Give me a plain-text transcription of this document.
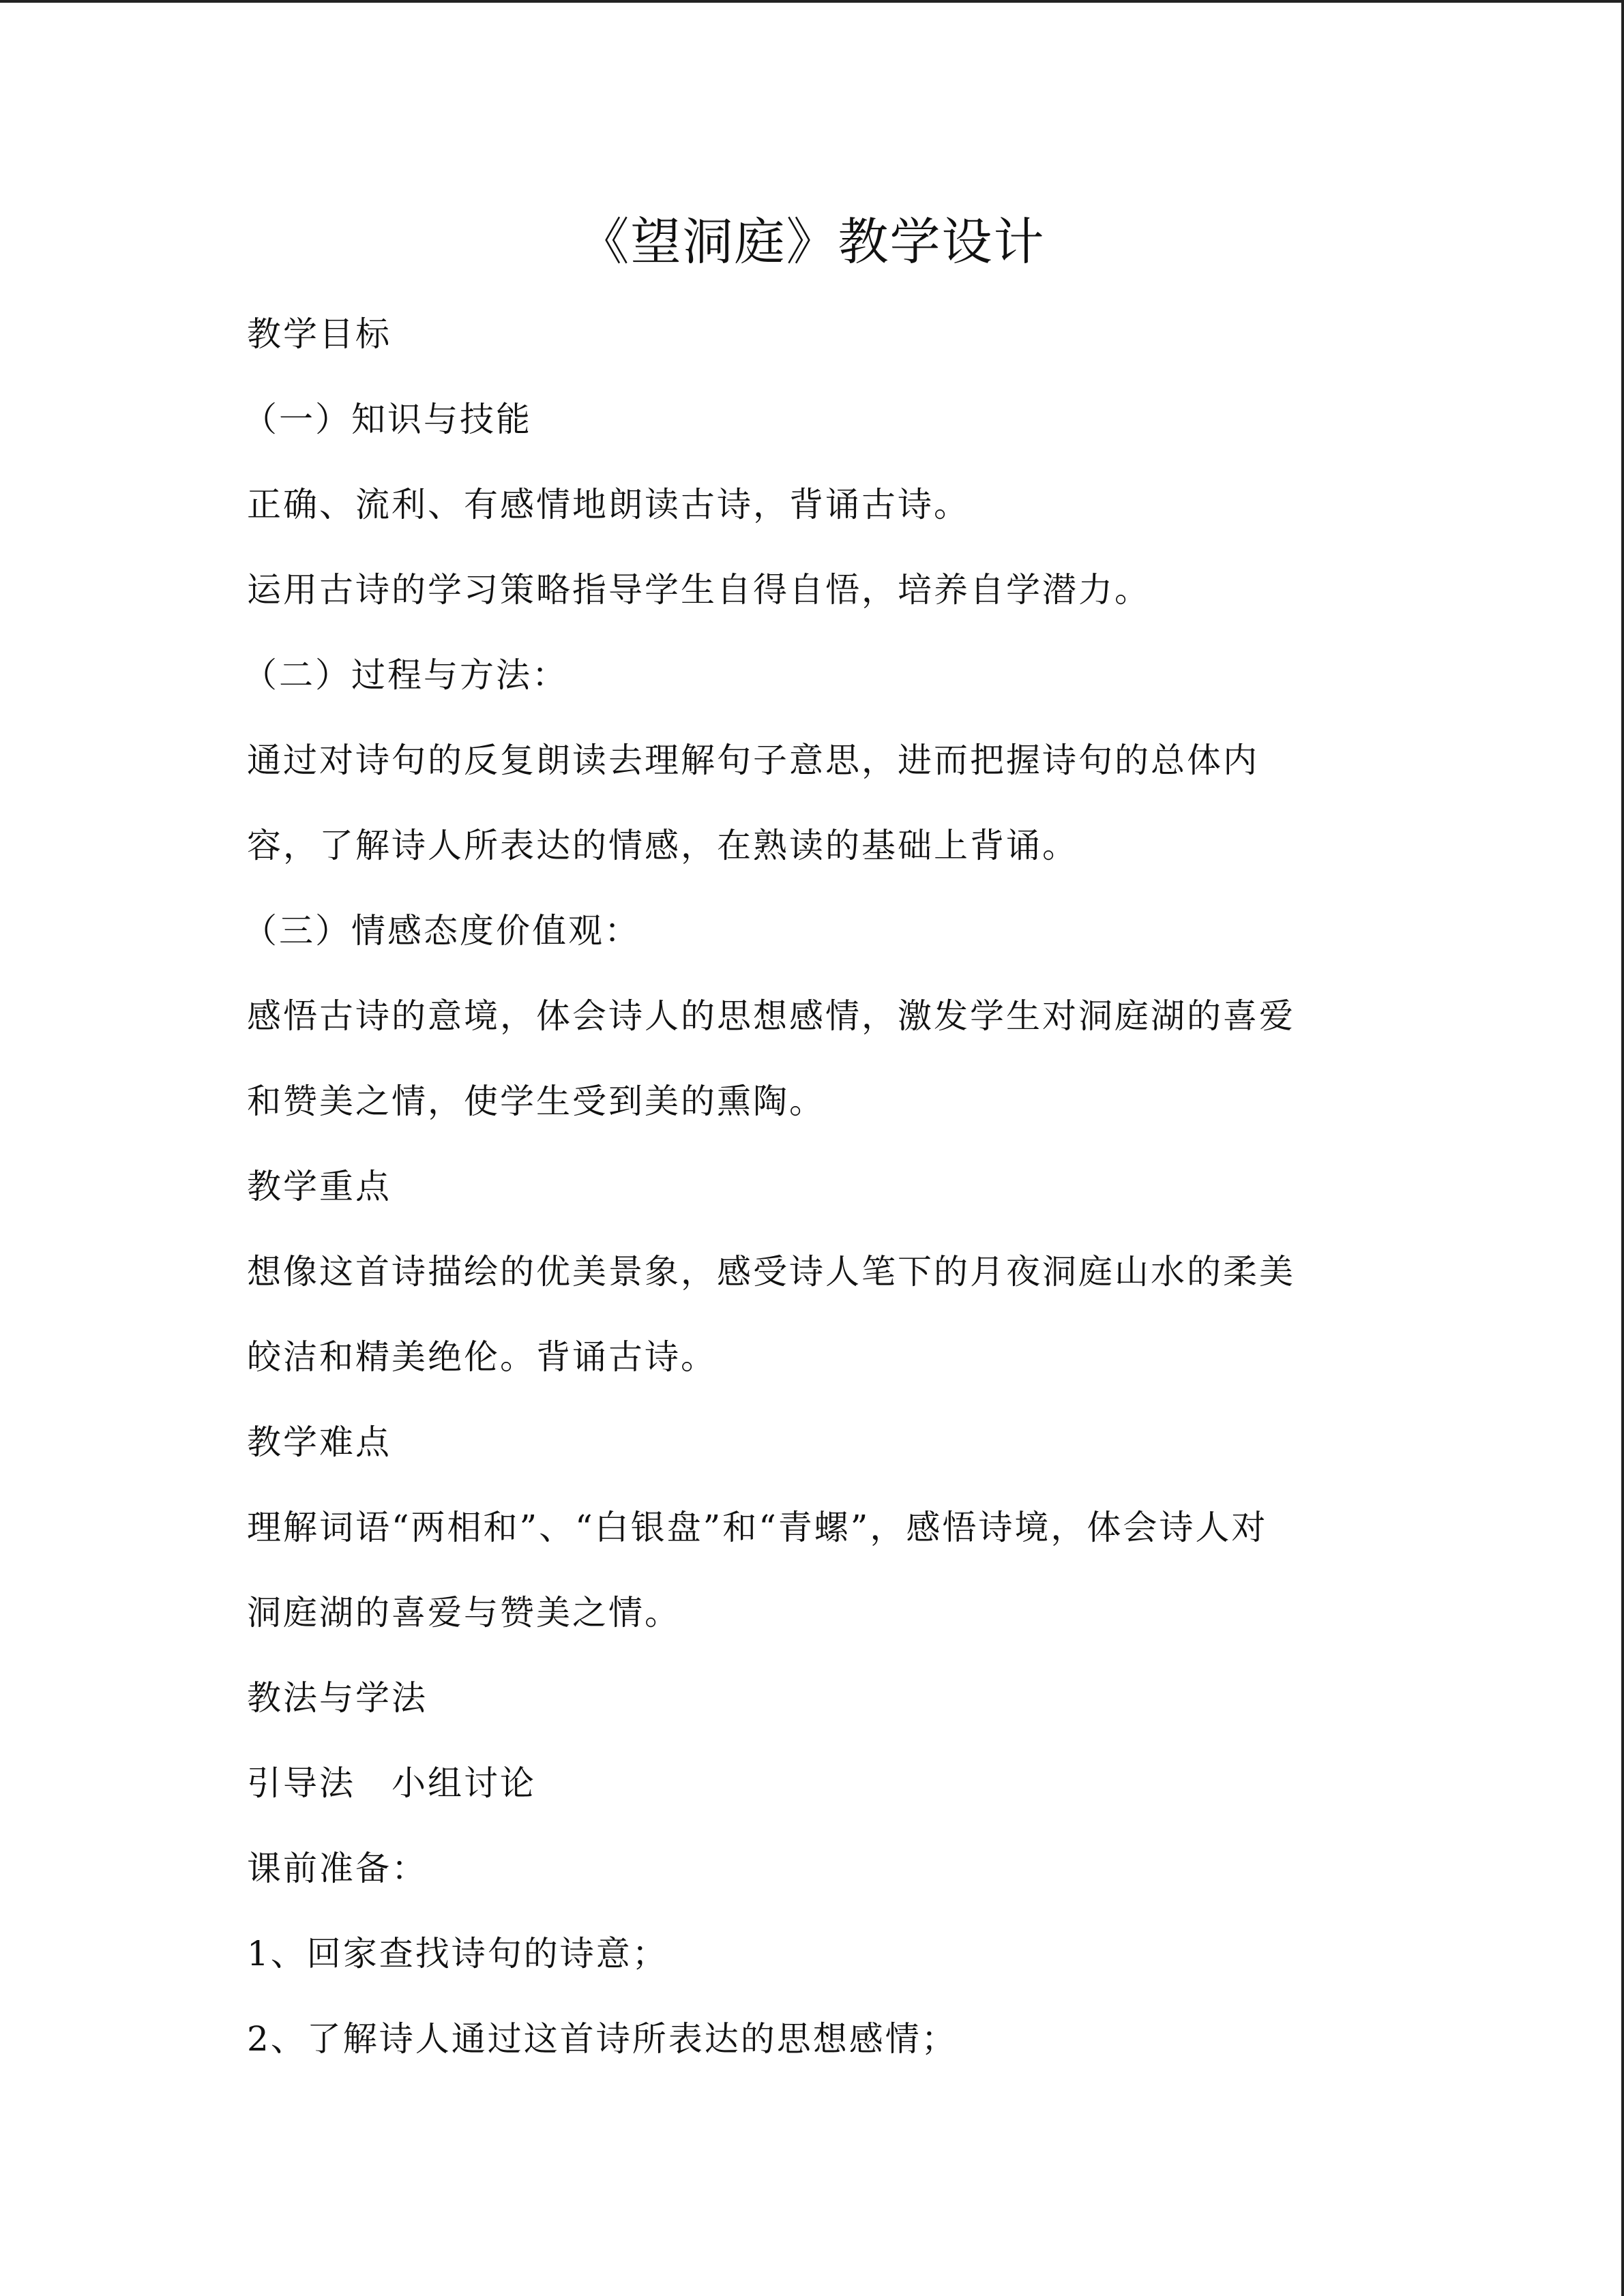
《望洞庭》教学设计
教学目标
（一）知识与技能
正确、流利、有感情地朗读古诗，背诵古诗。
运用古诗的学习策略指导学生自得自悟，培养自学潜力。
（二）过程与方法：
通过对诗句的反复朗读去理解句子意思，进而把握诗句的总体内
容，了解诗人所表达的情感，在熟读的基础上背诵。
（三）情感态度价值观：
感悟古诗的意境，体会诗人的思想感情，激发学生对洞庭湖的喜爱
和赞美之情，使学生受到美的熏陶。
教学重点
想像这首诗描绘的优美景象，感受诗人笔下的月夜洞庭山水的柔美
皎洁和精美绝伦。背诵古诗。
教学难点
理解词语“两相和”、“白银盘”和“青螺”，感悟诗境，体会诗人对
洞庭湖的喜爱与赞美之情。
教法与学法
引导法　小组讨论
课前准备：
1、回家查找诗句的诗意；
2、了解诗人通过这首诗所表达的思想感情；
